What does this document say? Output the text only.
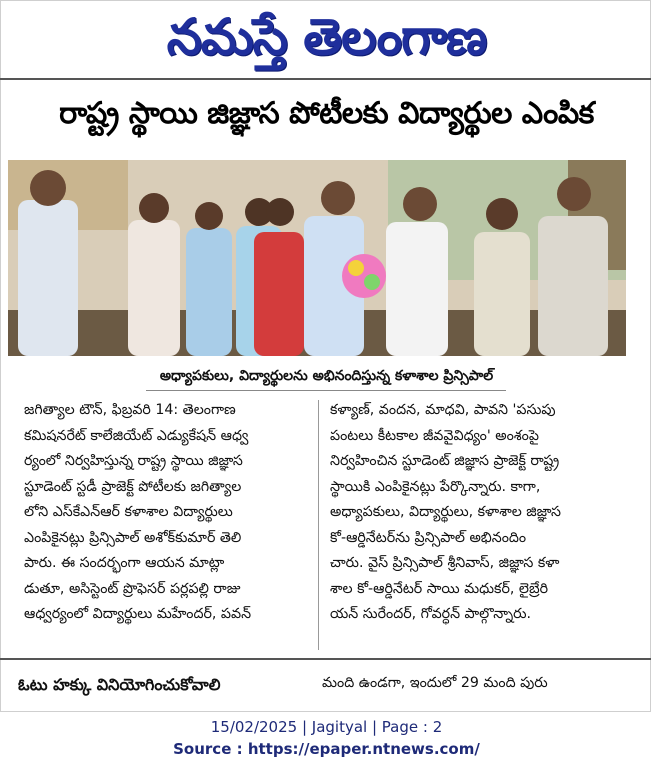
నమస్తే తెలంగాణ
రాష్ట్ర స్థాయి జిజ్ఞాస పోటీలకు విద్యార్థుల ఎంపిక
అధ్యాపకులు, విద్యార్థులను అభినందిస్తున్న కళాశాల ప్రిన్సిపాల్
జగిత్యాల టౌన్, ఫిబ్రవరి 14: తెలంగాణ
కమిషనరేట్ కాలేజియేట్ ఎడ్యుకేషన్ ఆధ్వ
ర్యంలో నిర్వహిస్తున్న రాష్ట్ర స్థాయి జిజ్ఞాస
స్టూడెంట్ స్టడీ ప్రాజెక్ట్ పోటీలకు జగిత్యాల
లోని ఎస్‌కేఎన్ఆర్ కళాశాల విద్యార్థులు
ఎంపికైనట్లు ప్రిన్సిపాల్ అశోక్‌కుమార్ తెలి
పారు. ఈ సందర్భంగా ఆయన మాట్లా
డుతూ, అసిస్టెంట్ ప్రొఫెసర్ పర్లపల్లి రాజు
ఆధ్వర్యంలో విద్యార్థులు మహేందర్, పవన్
కళ్యాణ్, వందన, మాధవి, పావని 'పసుపు
పంటలు కీటకాల జీవవైవిధ్యం' అంశంపై
నిర్వహించిన స్టూడెంట్ జిజ్ఞాస ప్రాజెక్ట్ రాష్ట్ర
స్థాయికి ఎంపికైనట్లు పేర్కొన్నారు. కాగా,
అధ్యాపకులు, విద్యార్థులు, కళాశాల జిజ్ఞాస
కో-ఆర్డినేటర్‌ను ప్రిన్సిపాల్ అభినందిం
చారు. వైస్ ప్రిన్సిపాల్ శ్రీనివాస్, జిజ్ఞాస కళా
శాల కో-ఆర్డినేటర్ సాయి మధుకర్, లైబ్రేరి
యన్ సురేందర్, గోవర్ధన్ పాల్గొన్నారు.
ఓటు హక్కు వినియోగించుకోవాలి	మంది ఉండగా, ఇందులో 29 మంది పురు
15/02/2025 | Jagityal | Page : 2
Source : https://epaper.ntnews.com/
